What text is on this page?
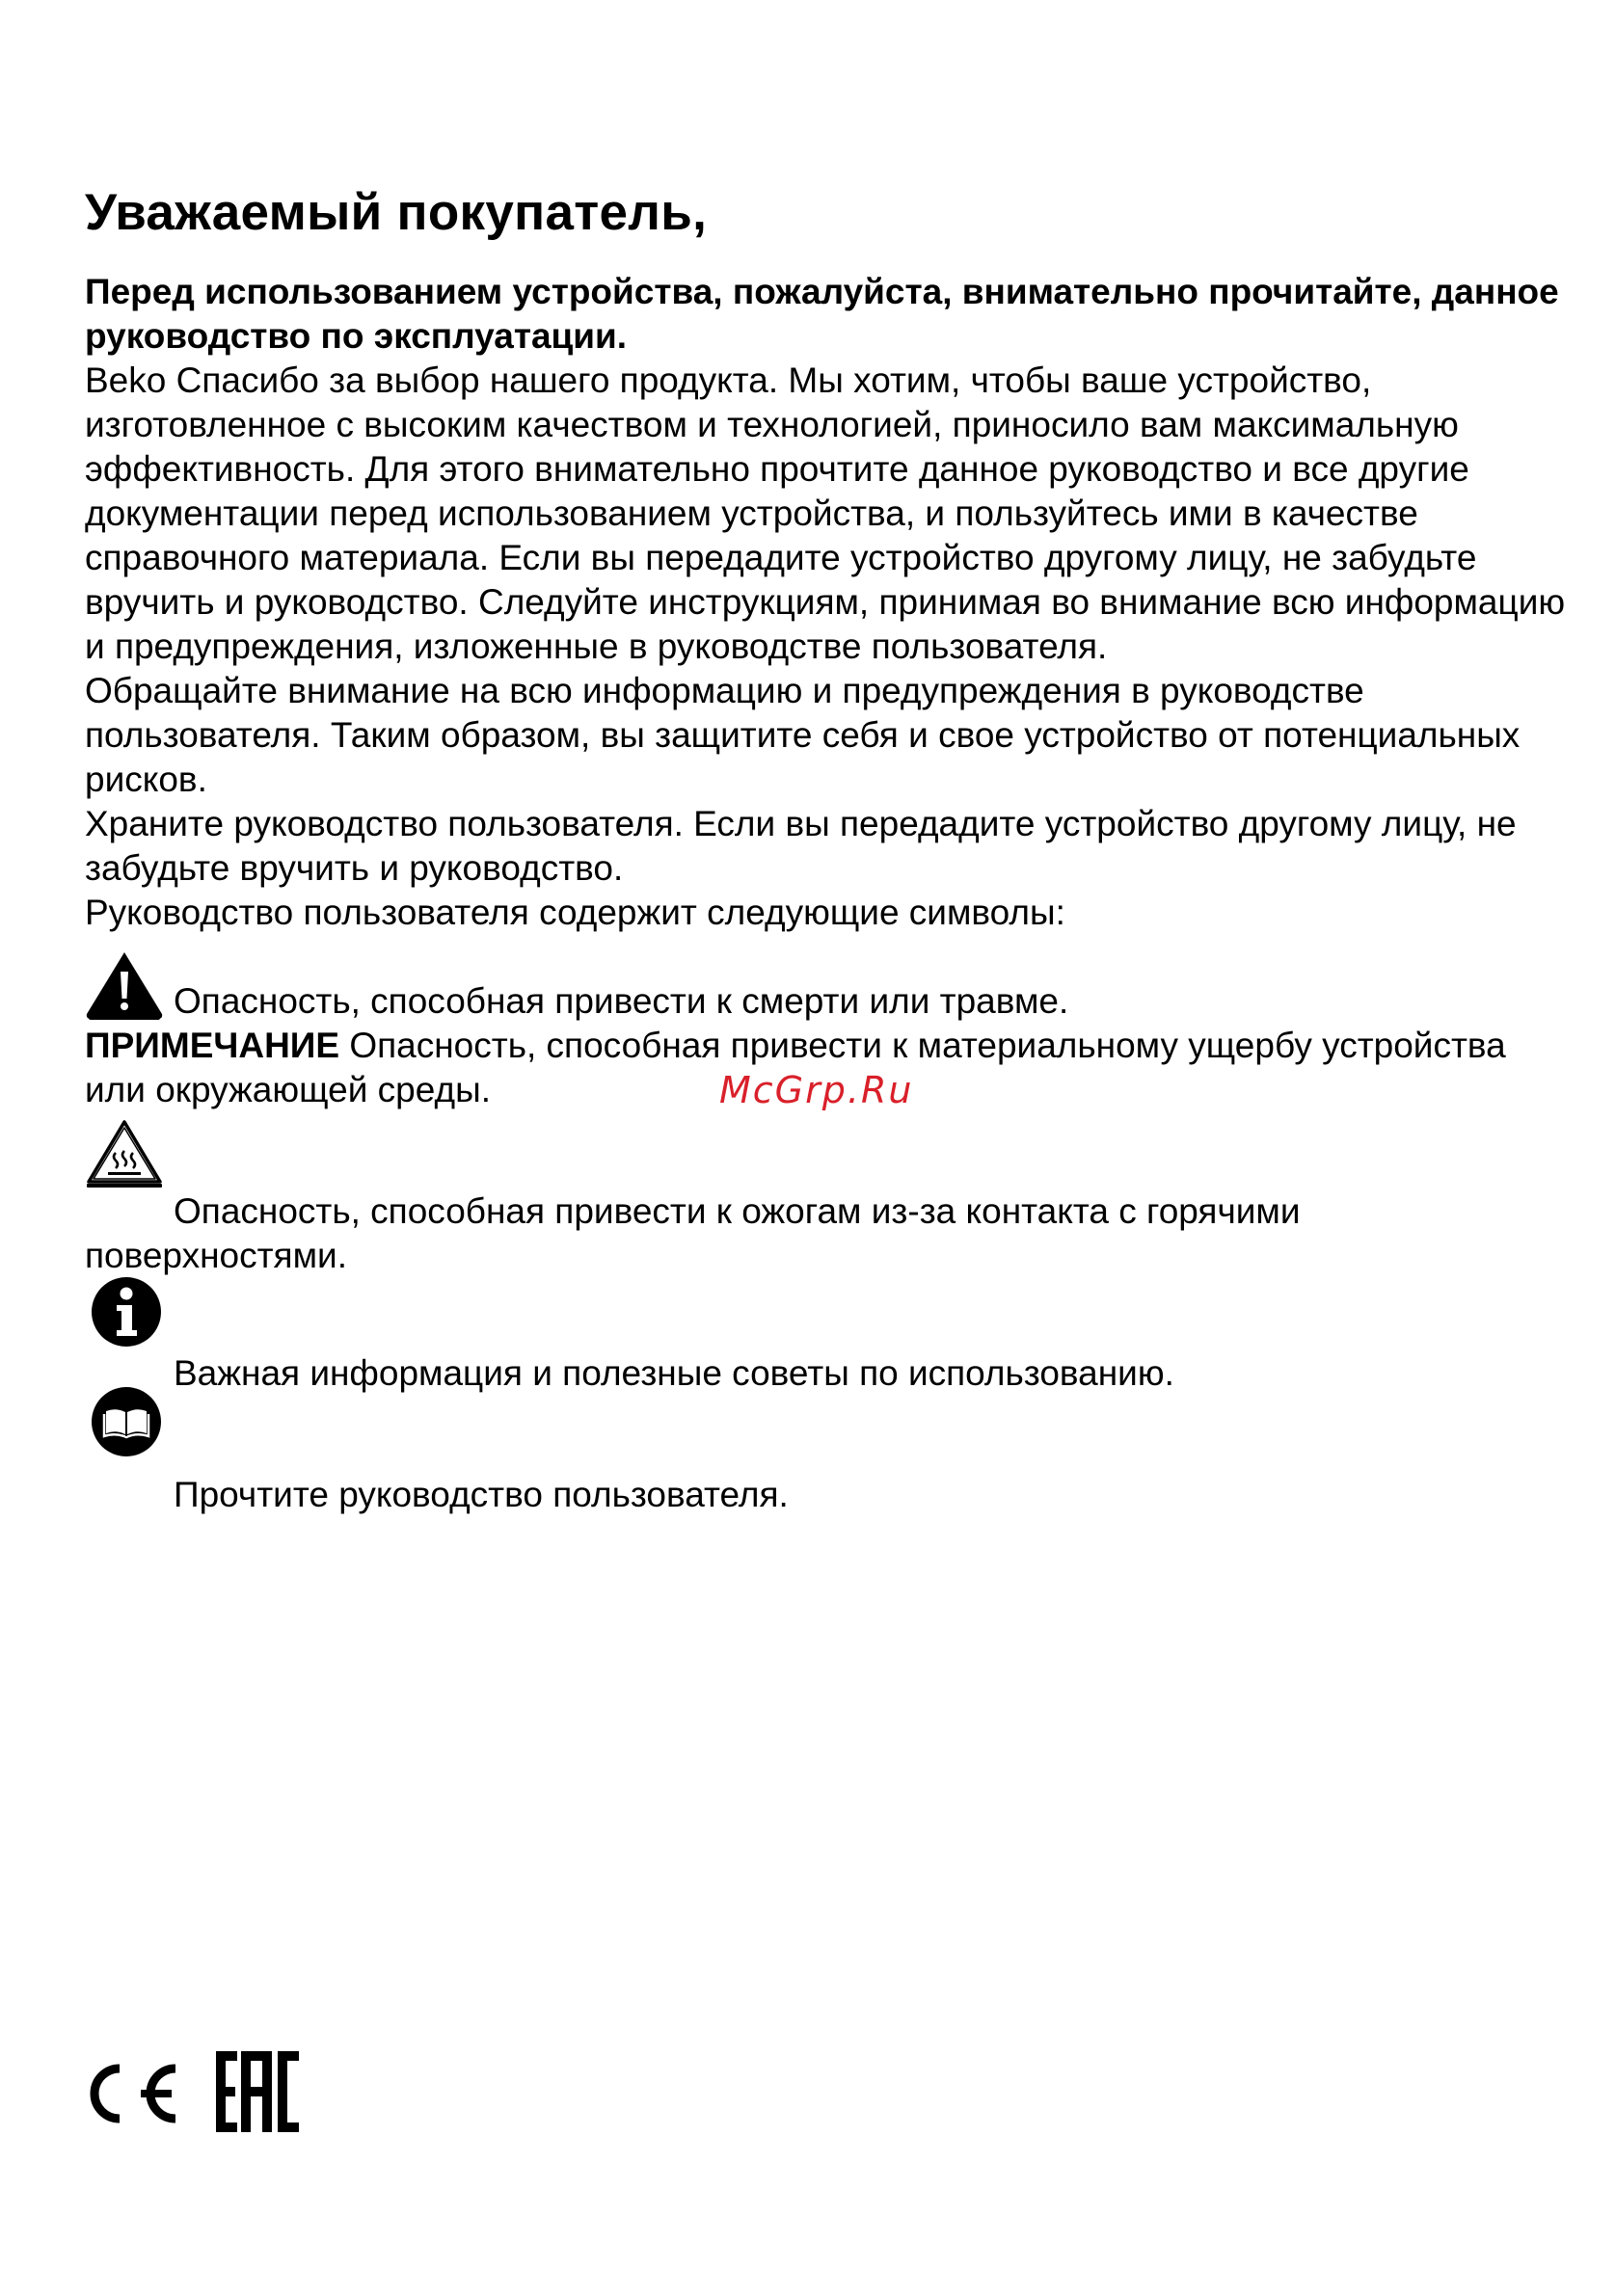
Уважаемый покупатель,

Перед использованием устройства, пожалуйста, внимательно прочитайте, данное руководство по эксплуатации.

Beko Спасибо за выбор нашего продукта. Мы хотим, чтобы ваше устройство, изготовленное с высоким качеством и технологией, приносило вам максимальную эффективность. Для этого внимательно прочтите данное руководство и все другие документации перед использованием устройства, и пользуйтесь ими в качестве справочного материала. Если вы передадите устройство другому лицу, не забудьте вручить и руководство. Следуйте инструкциям, принимая во внимание всю информацию и предупреждения, изложенные в руководстве пользователя.

Обращайте внимание на всю информацию и предупреждения в руководстве пользователя. Таким образом, вы защитите себя и свое устройство от потенциальных рисков.

Храните руководство пользователя. Если вы передадите устройство другому лицу, не забудьте вручить и руководство.

Руководство пользователя содержит следующие символы:

Опасность, способная привести к смерти или травме.

ПРИМЕЧАНИЕ Опасность, способная привести к материальному ущербу устройства или окружающей среды.	McGrp.Ru

Опасность, способная привести к ожогам из-за контакта с горячими
поверхностями.
Важная информация и полезные советы по использованию.
Прочтите руководство пользователя.
